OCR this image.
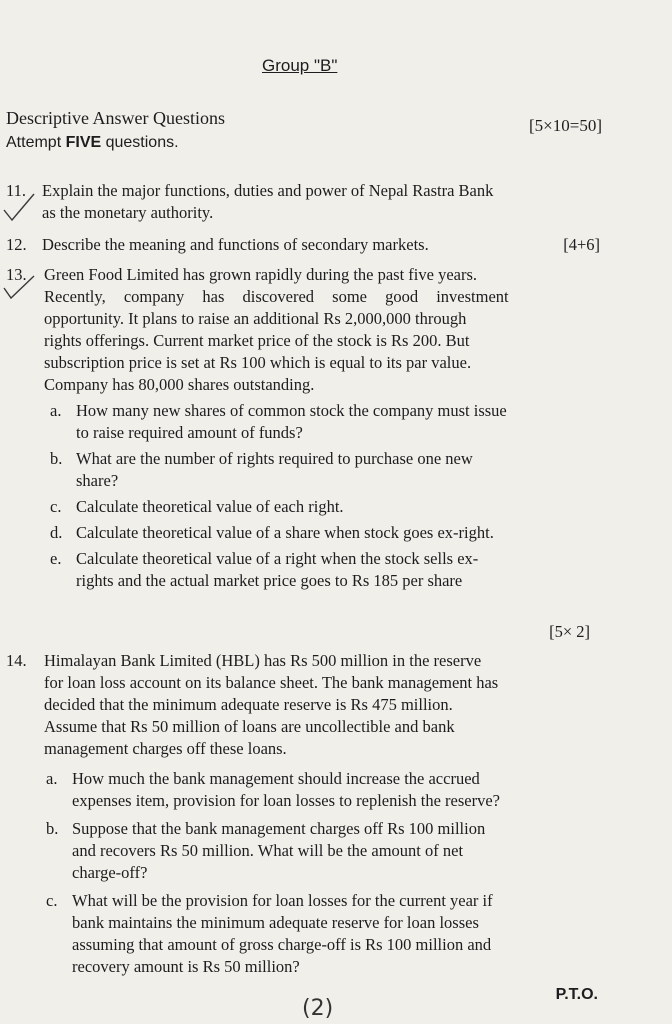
Group "B"
Descriptive Answer Questions	[5×10=50]
Attempt FIVE questions.
11. Explain the major functions, duties and power of Nepal Rastra Bank
as the monetary authority.
12. Describe the meaning and functions of secondary markets.	[4+6]
13. Green Food Limited has grown rapidly during the past five years.
Recently, company has discovered some good investment
opportunity. It plans to raise an additional Rs 2,000,000 through
rights offerings. Current market price of the stock is Rs 200. But
subscription price is set at Rs 100 which is equal to its par value.
Company has 80,000 shares outstanding.
a. How many new shares of common stock the company must issue
to raise required amount of funds?
b. What are the number of rights required to purchase one new
share?
c. Calculate theoretical value of each right.
d. Calculate theoretical value of a share when stock goes ex-right.
e. Calculate theoretical value of a right when the stock sells ex-
rights and the actual market price goes to Rs 185 per share
[5× 2]
14. Himalayan Bank Limited (HBL) has Rs 500 million in the reserve
for loan loss account on its balance sheet. The bank management has
decided that the minimum adequate reserve is Rs 475 million.
Assume that Rs 50 million of loans are uncollectible and bank
management charges off these loans.
a. How much the bank management should increase the accrued
expenses item, provision for loan losses to replenish the reserve?
b. Suppose that the bank management charges off Rs 100 million
and recovers Rs 50 million. What will be the amount of net
charge-off?
c. What will be the provision for loan losses for the current year if
bank maintains the minimum adequate reserve for loan losses
assuming that amount of gross charge-off is Rs 100 million and
recovery amount is Rs 50 million?
P.T.O.
(2)
